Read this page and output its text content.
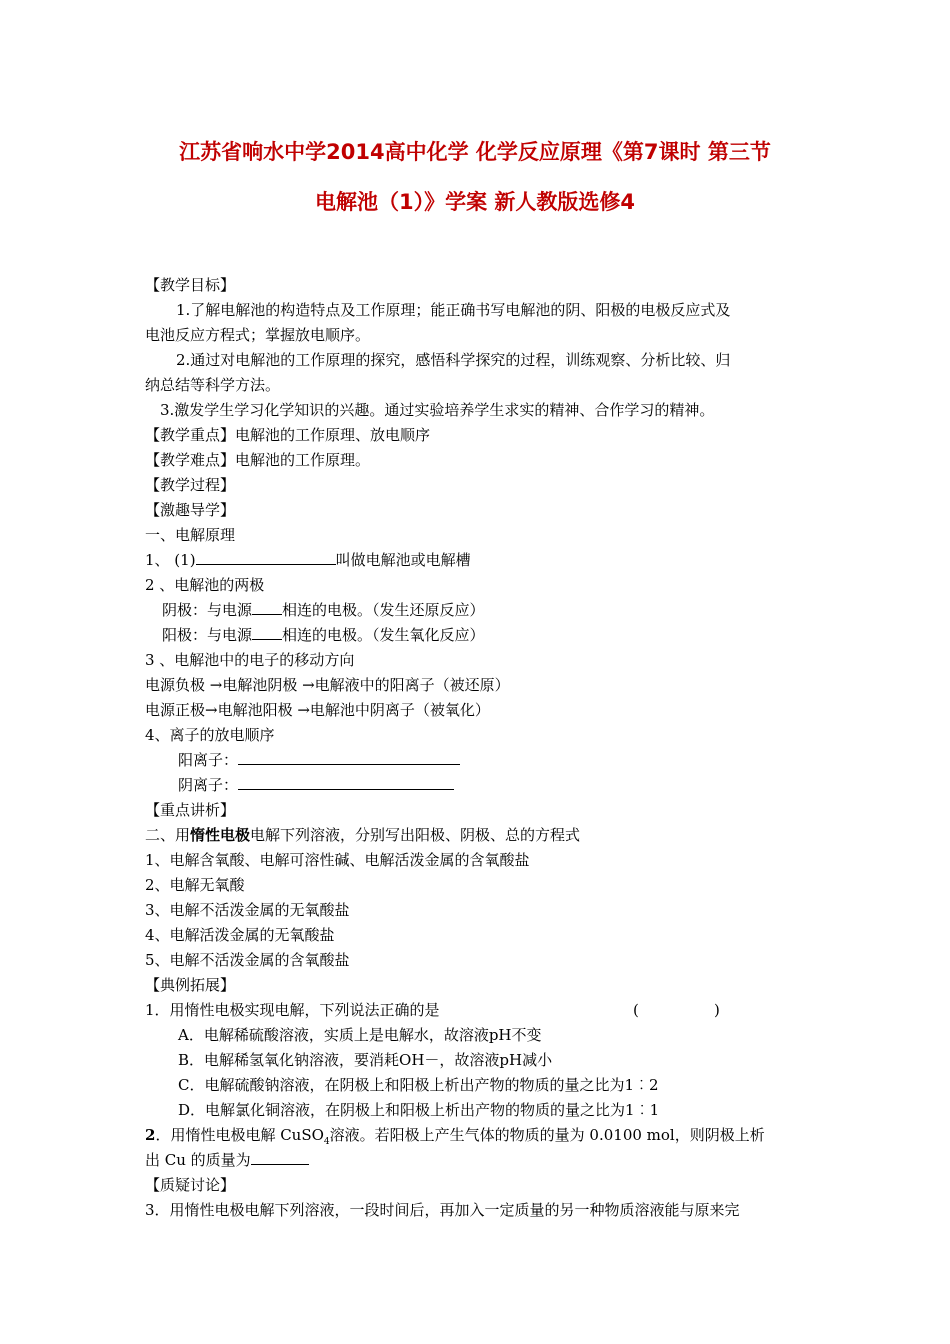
江苏省响水中学2014高中化学 化学反应原理《第7课时 第三节
电解池（1）》学案 新人教版选修4
【教学目标】
1.了解电解池的构造特点及工作原理；能正确书写电解池的阴、阳极的电极反应式及
电池反应方程式；掌握放电顺序。
2.通过对电解池的工作原理的探究，感悟科学探究的过程，训练观察、分析比较、归
纳总结等科学方法。
3.激发学生学习化学知识的兴趣。通过实验培养学生求实的精神、合作学习的精神。
【教学重点】电解池的工作原理、放电顺序
【教学难点】电解池的工作原理。
【教学过程】
【激趣导学】
一、电解原理
1、 (1)	叫做电解池或电解槽
2 、电解池的两极
阴极：与电源 相连的电极。（发生还原反应）
阳极：与电源 相连的电极。（发生氧化反应）
3 、电解池中的电子的移动方向
电源负极 →电解池阴极 →电解液中的阳离子（被还原）
电源正极→电解池阳极 →电解池中阴离子（被氧化）
4、离子的放电顺序
阳离子：
阴离子：
【重点讲析】
二、用惰性电极电解下列溶液，分别写出阳极、阴极、总的方程式
1、电解含氧酸、电解可溶性碱、电解活泼金属的含氧酸盐
2、电解无氧酸
3、电解不活泼金属的无氧酸盐
4、电解活泼金属的无氧酸盐
5、电解不活泼金属的含氧酸盐
【典例拓展】
1．用惰性电极实现电解，下列说法正确的是	(	)
A．电解稀硫酸溶液，实质上是电解水，故溶液pH不变
B．电解稀氢氧化钠溶液，要消耗OH－，故溶液pH减小
C．电解硫酸钠溶液，在阴极上和阳极上析出产物的物质的量之比为1︰2
D．电解氯化铜溶液，在阴极上和阳极上析出产物的物质的量之比为1︰1
2．用惰性电极电解 CuSO$_4$溶液。若阳极上产生气体的物质的量为 0.0100 mol，则阴极上析
出 Cu 的质量为
【质疑讨论】
3．用惰性电极电解下列溶液，一段时间后，再加入一定质量的另一种物质溶液能与原来完
